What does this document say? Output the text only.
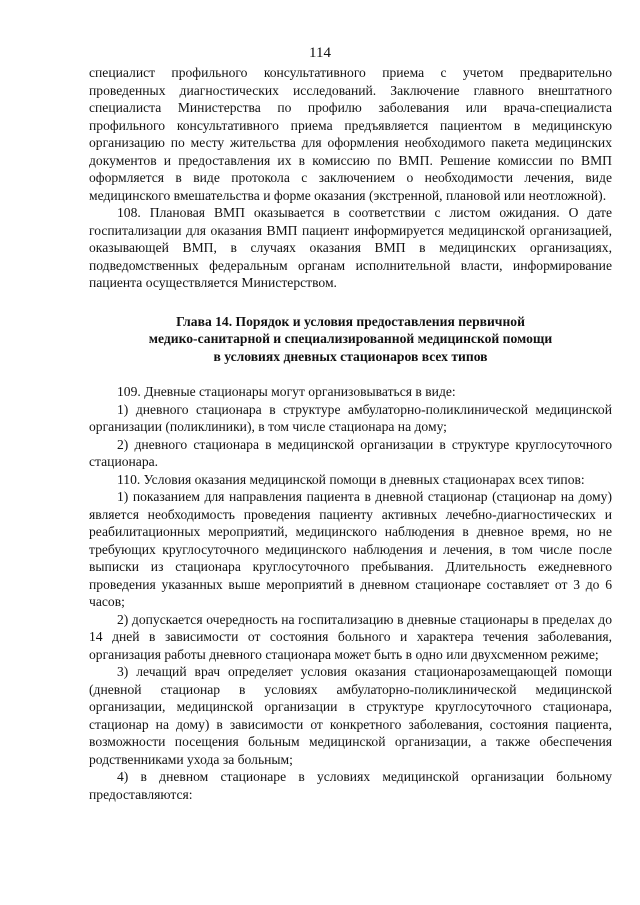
114

специалист профильного консультативного приема с учетом предварительно проведенных диагностических исследований. Заключение главного внештатного специалиста Министерства по профилю заболевания или врача-специалиста профильного консультативного приема предъявляется пациентом в медицинскую организацию по месту жительства для оформления необходимого пакета медицинских документов и предоставления их в комиссию по ВМП. Решение комиссии по ВМП оформляется в виде протокола с заключением о необходимости лечения, виде медицинского вмешательства и форме оказания (экстренной, плановой или неотложной).

108. Плановая ВМП оказывается в соответствии с листом ожидания. О дате госпитализации для оказания ВМП пациент информируется медицинской организацией, оказывающей ВМП, в случаях оказания ВМП в медицинских организациях, подведомственных федеральным органам исполнительной власти, информирование пациента осуществляется Министерством.

Глава 14. Порядок и условия предоставления первичной
медико-санитарной и специализированной медицинской помощи
в условиях дневных стационаров всех типов

109. Дневные стационары могут организовываться в виде:

1) дневного стационара в структуре амбулаторно-поликлинической медицинской организации (поликлиники), в том числе стационара на дому;

2) дневного стационара в медицинской организации в структуре круглосуточного стационара.

110. Условия оказания медицинской помощи в дневных стационарах всех типов:

1) показанием для направления пациента в дневной стационар (стационар на дому) является необходимость проведения пациенту активных лечебно-диагностических и реабилитационных мероприятий, медицинского наблюдения в дневное время, но не требующих круглосуточного медицинского наблюдения и лечения, в том числе после выписки из стационара круглосуточного пребывания. Длительность ежедневного проведения указанных выше мероприятий в дневном стационаре составляет от 3 до 6 часов;

2) допускается очередность на госпитализацию в дневные стационары в пределах до 14 дней в зависимости от состояния больного и характера течения заболевания, организация работы дневного стационара может быть в одно или двухсменном режиме;

3) лечащий врач определяет условия оказания стационарозамещающей помощи (дневной стационар в условиях амбулаторно-поликлинической медицинской организации, медицинской организации в структуре круглосуточного стационара, стационар на дому) в зависимости от конкретного заболевания, состояния пациента, возможности посещения больным медицинской организации, а также обеспечения родственниками ухода за больным;

4) в дневном стационаре в условиях медицинской организации больному предоставляются:
